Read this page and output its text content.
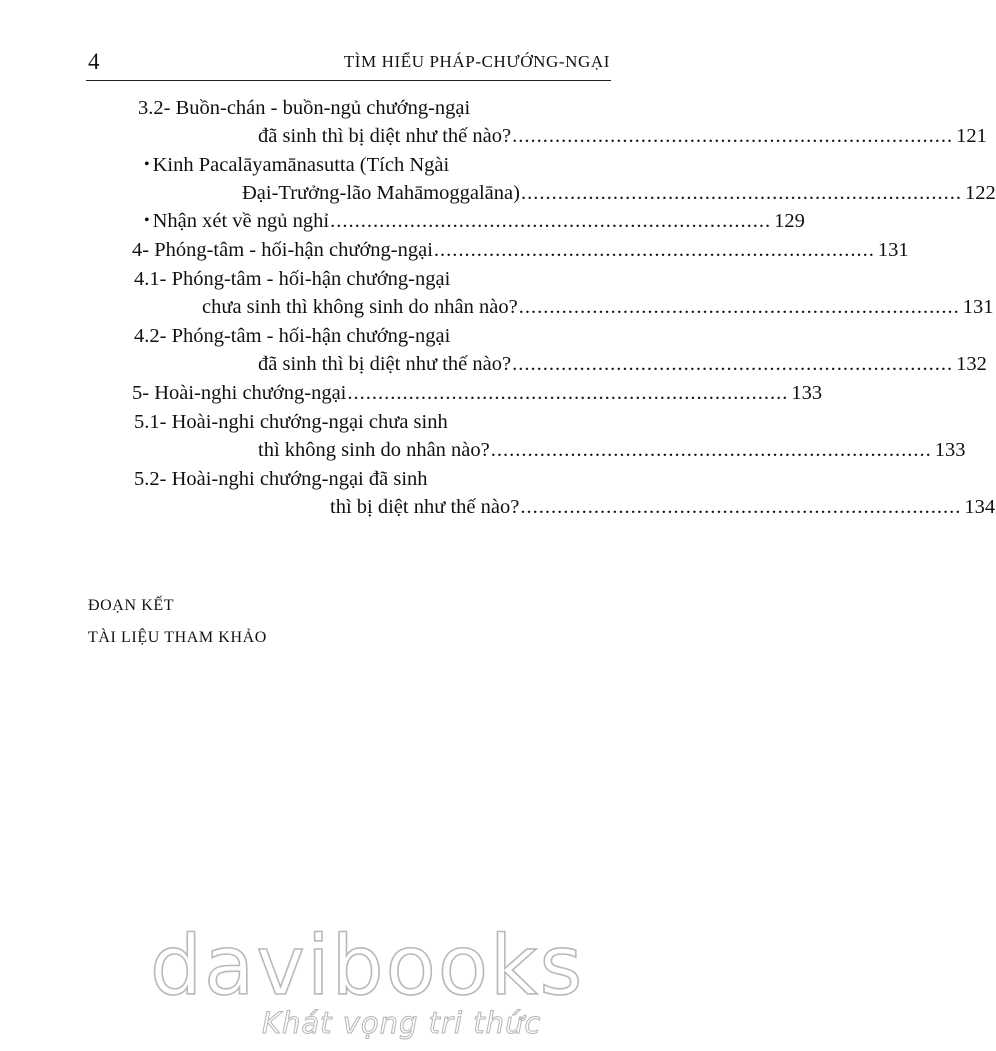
4	TÌM HIỂU PHÁP-CHƯỚNG-NGẠI
3.2- Buồn-chán - buồn-ngủ chướng-ngại
đã sinh thì bị diệt như thế nào? ........................................................................ 121
• Kinh Pacalāyamānasutta (Tích Ngài
Đại-Trưởng-lão Mahāmoggalāna) ........................................................................ 122
• Nhận xét về ngủ nghỉ ........................................................................ 129
4- Phóng-tâm - hối-hận chướng-ngại ........................................................................ 131
4.1- Phóng-tâm - hối-hận chướng-ngại
chưa sinh thì không sinh do nhân nào? ........................................................................ 131
4.2- Phóng-tâm - hối-hận chướng-ngại
đã sinh thì bị diệt như thế nào? ........................................................................ 132
5- Hoài-nghi chướng-ngại ........................................................................ 133
5.1- Hoài-nghi chướng-ngại chưa sinh
thì không sinh do nhân nào? ........................................................................ 133
5.2- Hoài-nghi chướng-ngại đã sinh
thì bị diệt như thế nào? ........................................................................ 134
ĐOẠN KẾT
TÀI LIỆU THAM KHẢO
davibooks
Khát vọng tri thức
